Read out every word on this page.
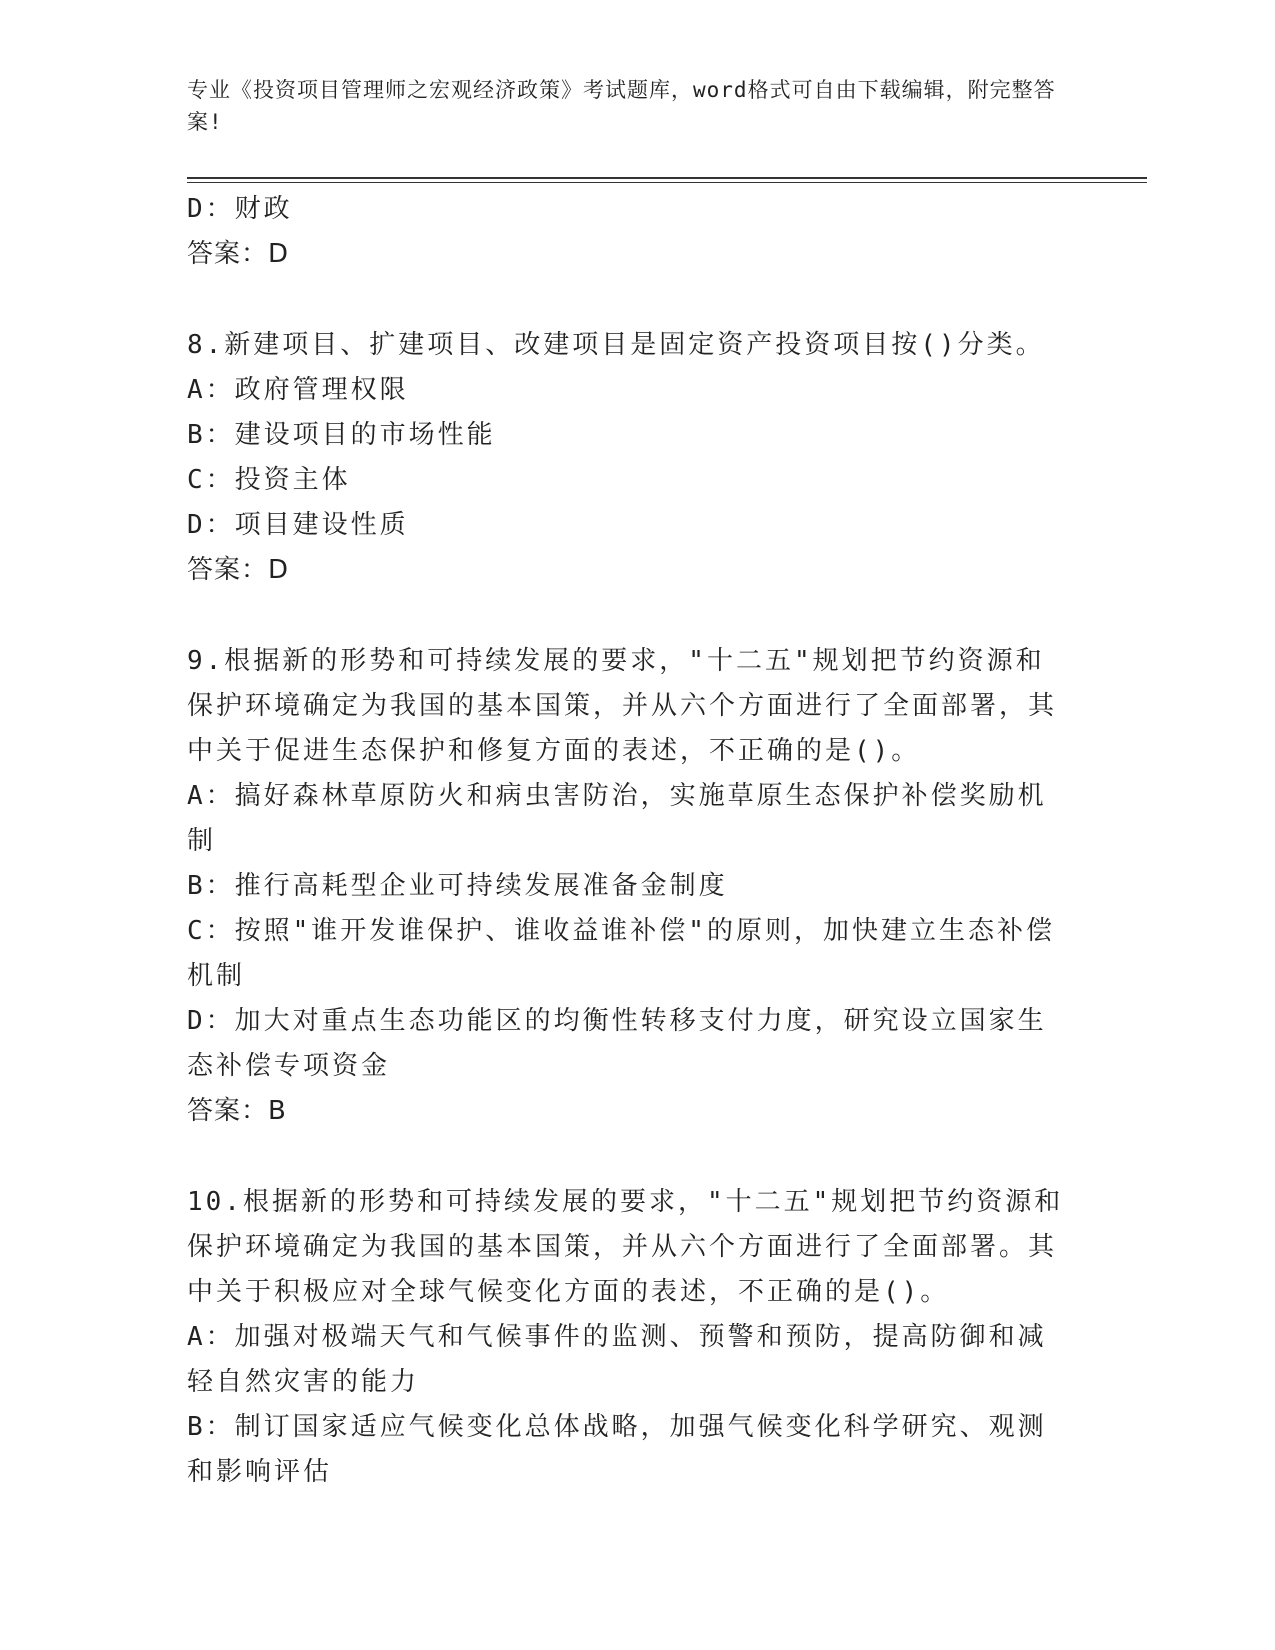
专业《投资项目管理师之宏观经济政策》考试题库，word格式可自由下载编辑，附完整答案!

D：财政

答案：D

8.新建项目、扩建项目、改建项目是固定资产投资项目按()分类。

A：政府管理权限

B：建设项目的市场性能

C：投资主体

D：项目建设性质

答案：D

9.根据新的形势和可持续发展的要求，"十二五"规划把节约资源和保护环境确定为我国的基本国策，并从六个方面进行了全面部署，其中关于促进生态保护和修复方面的表述，不正确的是()。

A：搞好森林草原防火和病虫害防治，实施草原生态保护补偿奖励机制

B：推行高耗型企业可持续发展准备金制度

C：按照"谁开发谁保护、谁收益谁补偿"的原则，加快建立生态补偿机制

D：加大对重点生态功能区的均衡性转移支付力度，研究设立国家生态补偿专项资金

答案：B

10.根据新的形势和可持续发展的要求，"十二五"规划把节约资源和保护环境确定为我国的基本国策，并从六个方面进行了全面部署。其中关于积极应对全球气候变化方面的表述，不正确的是()。

A：加强对极端天气和气候事件的监测、预警和预防，提高防御和减轻自然灾害的能力

B：制订国家适应气候变化总体战略，加强气候变化科学研究、观测和影响评估
